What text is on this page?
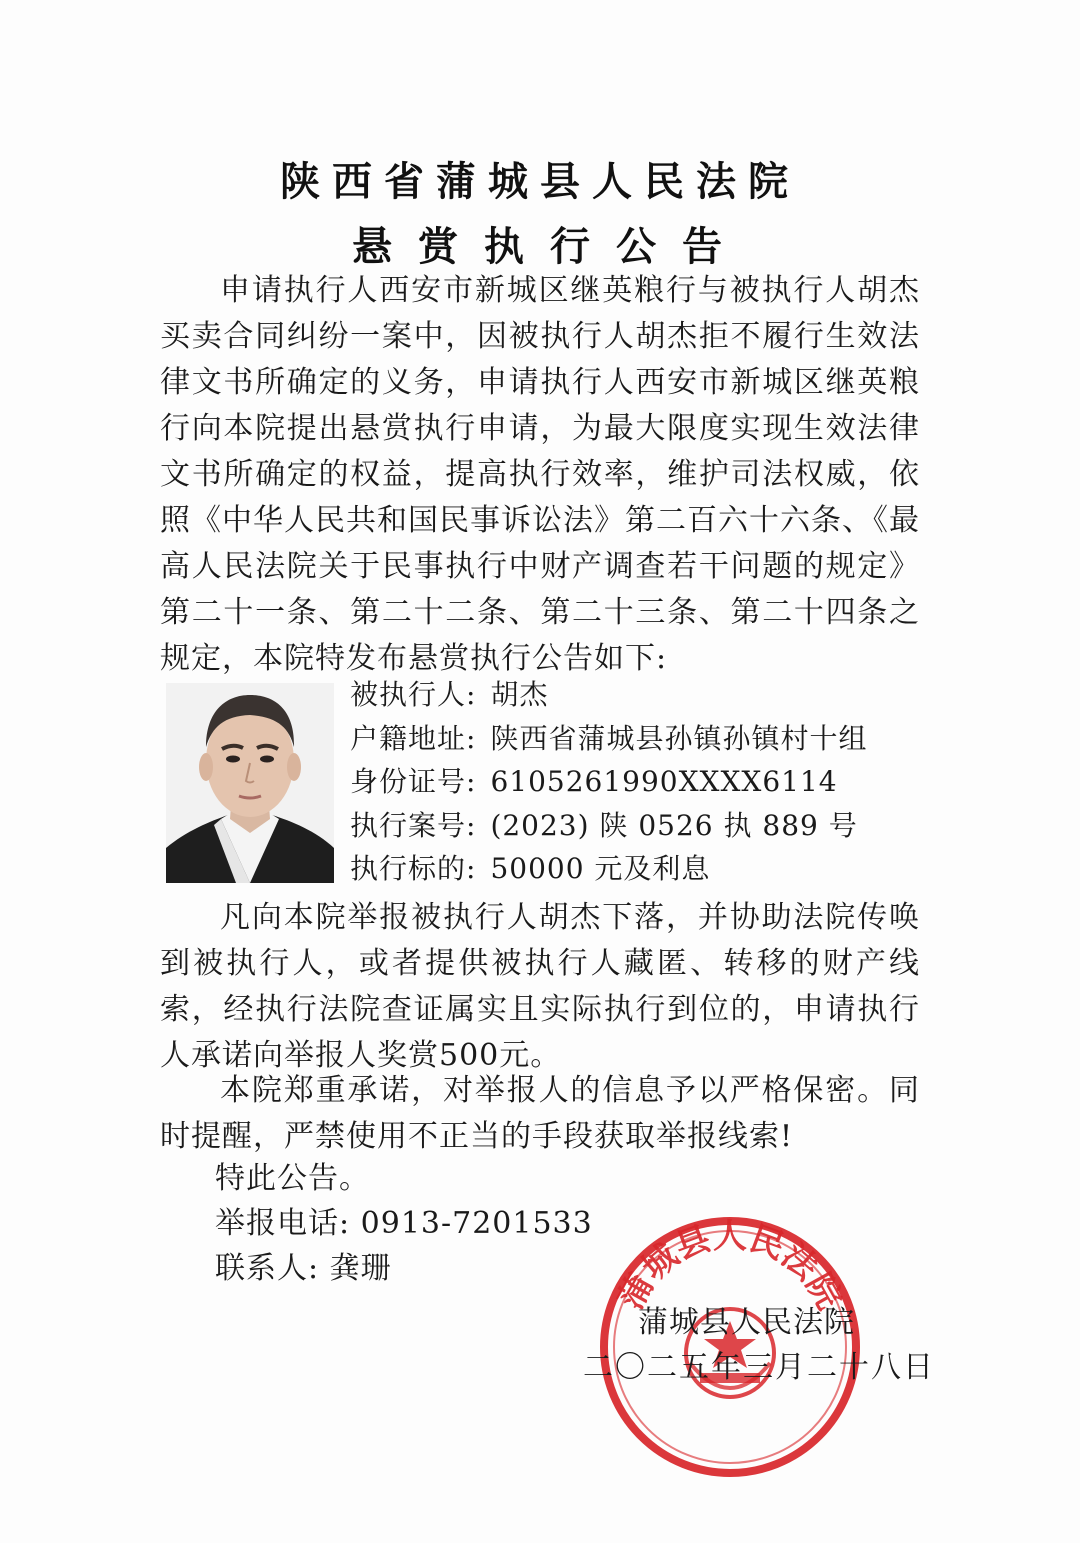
陕西省蒲城县人民法院
悬赏执行公告
申请执行人西安市新城区继英粮行与被执行人胡杰买卖合同纠纷一案中，因被执行人胡杰拒不履行生效法律文书所确定的义务，申请执行人西安市新城区继英粮行向本院提出悬赏执行申请，为最大限度实现生效法律文书所确定的权益，提高执行效率，维护司法权威，依照《中华人民共和国民事诉讼法》第二百六十六条、《最高人民法院关于民事执行中财产调查若干问题的规定》第二十一条、第二十二条、第二十三条、第二十四条之规定，本院特发布悬赏执行公告如下:
被执行人: 胡杰
户籍地址: 陕西省蒲城县孙镇孙镇村十组
身份证号: 6105261990XXXX6114
执行案号: (2023) 陕 0526 执 889 号
执行标的: 50000 元及利息
凡向本院举报被执行人胡杰下落，并协助法院传唤到被执行人，或者提供被执行人藏匿、转移的财产线索，经执行法院查证属实且实际执行到位的，申请执行人承诺向举报人奖赏500元。
本院郑重承诺，对举报人的信息予以严格保密。同时提醒，严禁使用不正当的手段获取举报线索!
特此公告。
举报电话: 0913-7201533
联系人: 龚珊	蒲城县人民法院
蒲城县人民法院
二〇二五年三月二十八日
